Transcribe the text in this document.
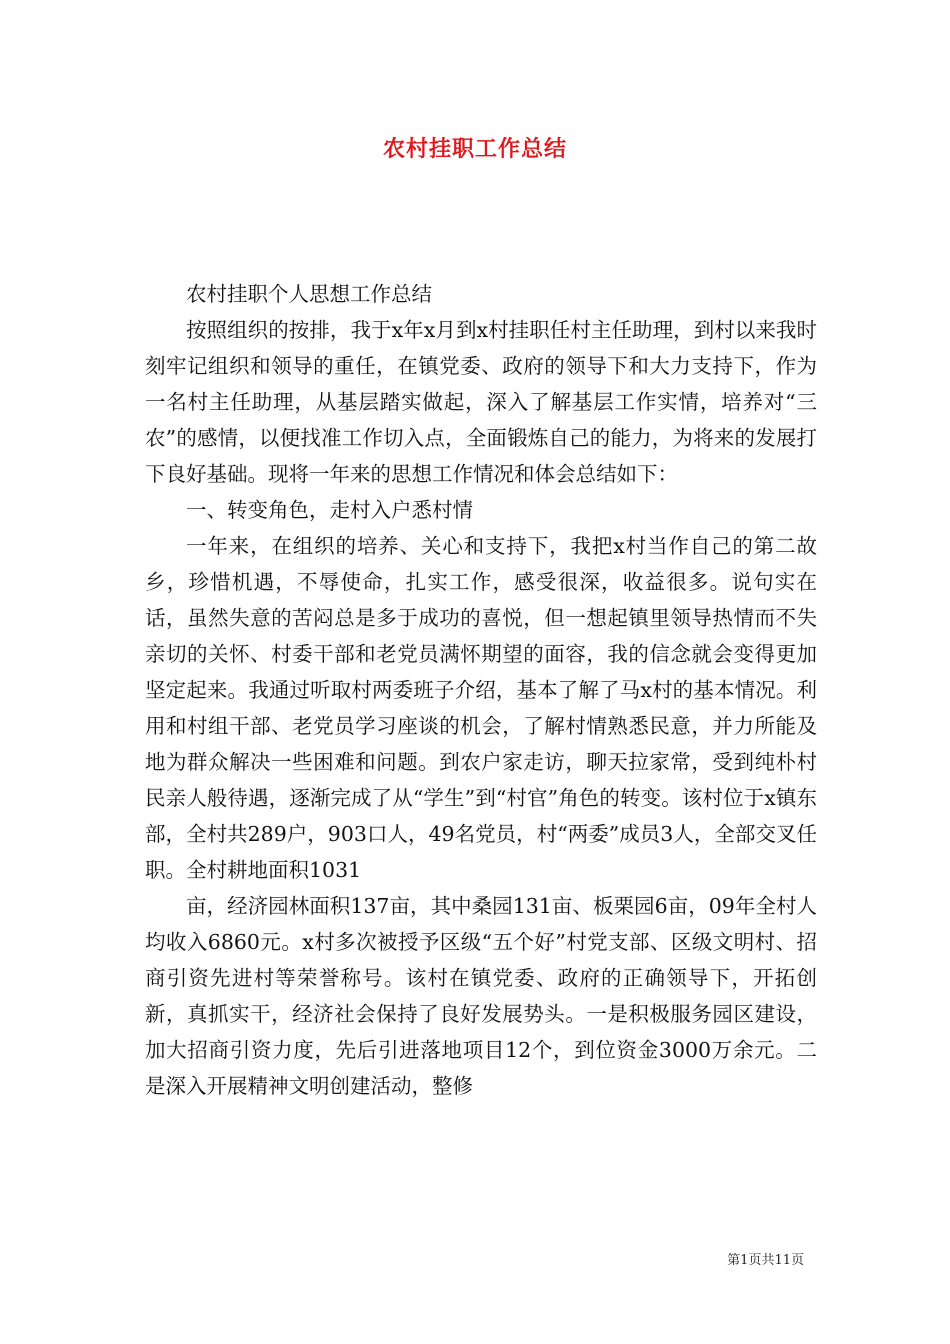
农村挂职工作总结

农村挂职个人思想工作总结

按照组织的按排，我于x年x月到x村挂职任村主任助理，到村以来我时刻牢记组织和领导的重任，在镇党委、政府的领导下和大力支持下，作为一名村主任助理，从基层踏实做起，深入了解基层工作实情，培养对“三农”的感情，以便找准工作切入点，全面锻炼自己的能力，为将来的发展打下良好基础。现将一年来的思想工作情况和体会总结如下：

一、转变角色，走村入户悉村情

一年来，在组织的培养、关心和支持下，我把x村当作自己的第二故乡，珍惜机遇，不辱使命，扎实工作，感受很深，收益很多。说句实在话，虽然失意的苦闷总是多于成功的喜悦，但一想起镇里领导热情而不失亲切的关怀、村委干部和老党员满怀期望的面容，我的信念就会变得更加坚定起来。我通过听取村两委班子介绍，基本了解了马x村的基本情况。利用和村组干部、老党员学习座谈的机会，了解村情熟悉民意，并力所能及地为群众解决一些困难和问题。到农户家走访，聊天拉家常，受到纯朴村民亲人般待遇，逐渐完成了从“学生”到“村官”角色的转变。该村位于x镇东部，全村共289户，903口人，49名党员，村“两委”成员3人，全部交叉任职。全村耕地面积1031

亩，经济园林面积137亩，其中桑园131亩、板栗园6亩，09年全村人均收入6860元。x村多次被授予区级“五个好”村党支部、区级文明村、招商引资先进村等荣誉称号。该村在镇党委、政府的正确领导下，开拓创新，真抓实干，经济社会保持了良好发展势头。一是积极服务园区建设，加大招商引资力度，先后引进落地项目12个，到位资金3000万余元。二是深入开展精神文明创建活动，整修

第1页共11页
